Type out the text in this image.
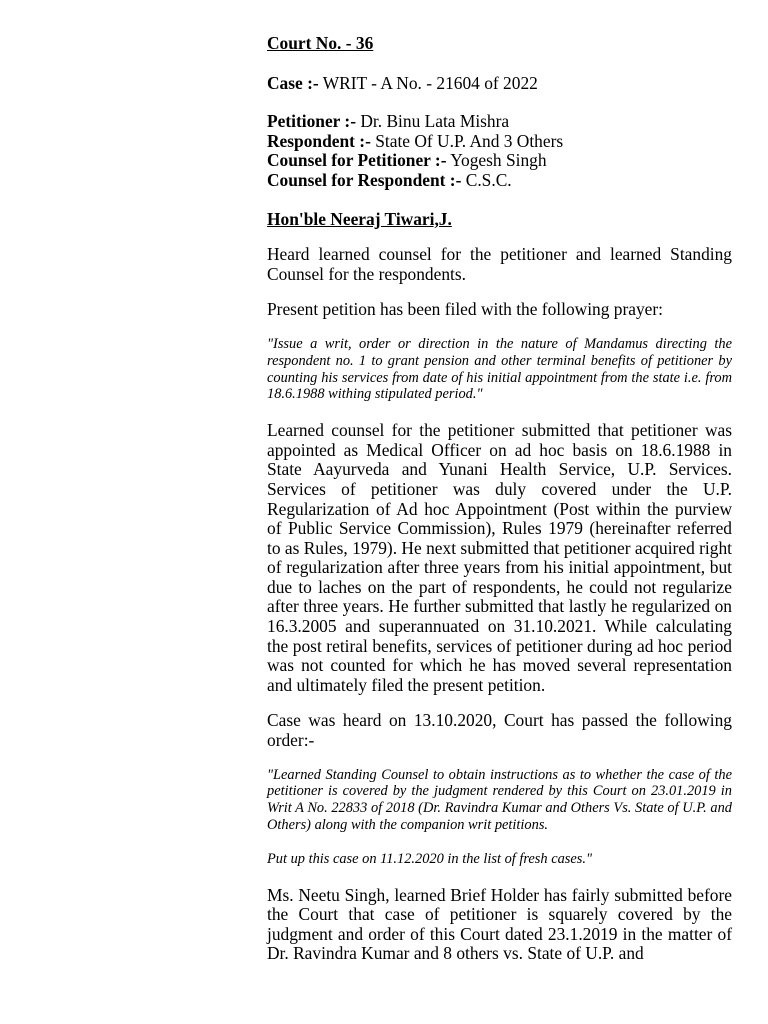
Court No. - 36

Case :- WRIT - A No. - 21604 of 2022

Petitioner :- Dr. Binu Lata Mishra

Respondent :- State Of U.P. And 3 Others

Counsel for Petitioner :- Yogesh Singh

Counsel for Respondent :- C.S.C.

Hon'ble Neeraj Tiwari,J.

Heard learned counsel for the petitioner and learned Standing Counsel for the respondents.

Present petition has been filed with the following prayer:

"Issue a writ, order or direction in the nature of Mandamus directing the respondent no. 1 to grant pension and other terminal benefits of petitioner by counting his services from date of his initial appointment from the state i.e. from 18.6.1988 withing stipulated period."

Learned counsel for the petitioner submitted that petitioner was appointed as Medical Officer on ad hoc basis on 18.6.1988 in State Aayurveda and Yunani Health Service, U.P. Services. Services of petitioner was duly covered under the U.P. Regularization of Ad hoc Appointment (Post within the purview of Public Service Commission), Rules 1979 (hereinafter referred to as Rules, 1979). He next submitted that petitioner acquired right of regularization after three years from his initial appointment, but due to laches on the part of respondents, he could not regularize after three years. He further submitted that lastly he regularized on 16.3.2005 and superannuated on 31.10.2021. While calculating the post retiral benefits, services of petitioner during ad hoc period was not counted for which he has moved several representation and ultimately filed the present petition.

Case was heard on 13.10.2020, Court has passed the following order:-

"Learned Standing Counsel to obtain instructions as to whether the case of the petitioner is covered by the judgment rendered by this Court on 23.01.2019 in Writ A No. 22833 of 2018 (Dr. Ravindra Kumar and Others Vs. State of U.P. and Others) along with the companion writ petitions.

Put up this case on 11.12.2020 in the list of fresh cases."

Ms. Neetu Singh, learned Brief Holder has fairly submitted before the Court that case of petitioner is squarely covered by the judgment and order of this Court dated 23.1.2019 in the matter of Dr. Ravindra Kumar and 8 others vs. State of U.P. and
